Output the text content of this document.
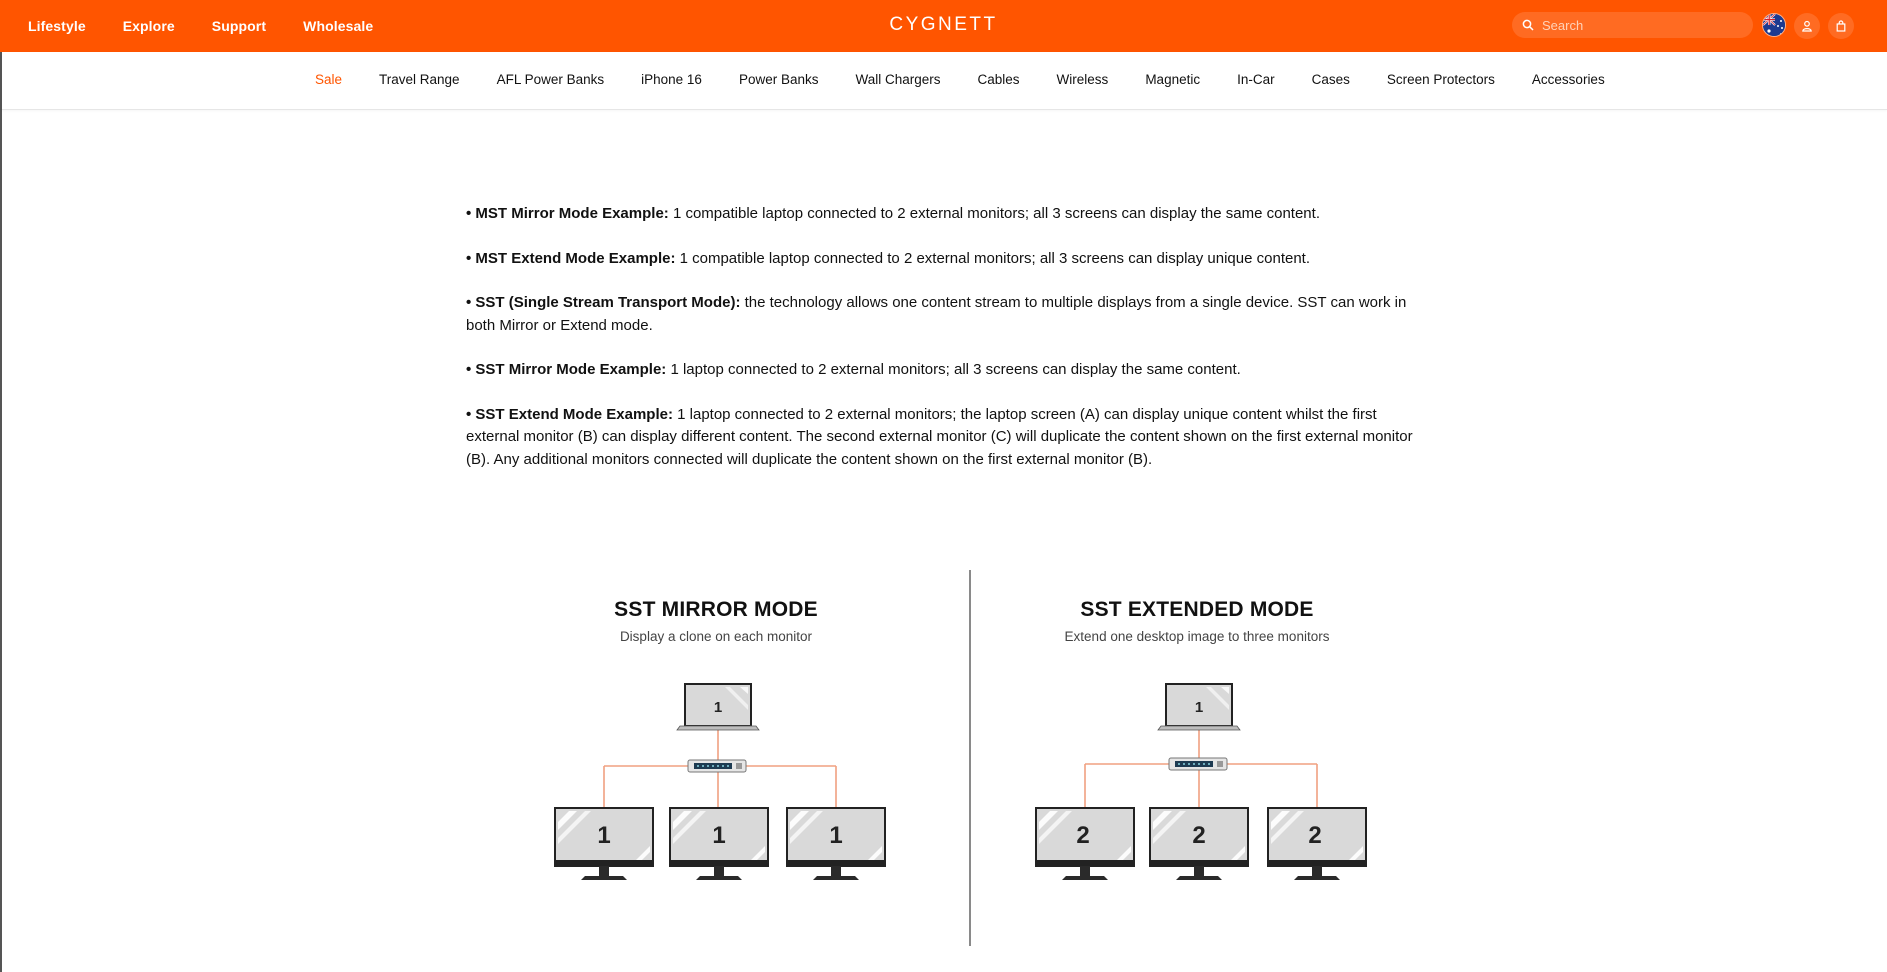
Lifestyle	Explore	Support	Wholesale	CYGNETT
Search
Sale	Travel Range	AFL Power Banks	iPhone 16	Power Banks	Wall Chargers	Cables	Wireless	Magnetic	In-Car	Cases	Screen Protectors	Accessories

• MST Mirror Mode Example: 1 compatible laptop connected to 2 external monitors; all 3 screens can display the same content.

• MST Extend Mode Example: 1 compatible laptop connected to 2 external monitors; all 3 screens can display unique content.

• SST (Single Stream Transport Mode): the technology allows one content stream to multiple displays from a single device. SST can work in both Mirror or Extend mode.

• SST Mirror Mode Example: 1 laptop connected to 2 external monitors; all 3 screens can display the same content.

• SST Extend Mode Example: 1 laptop connected to 2 external monitors; the laptop screen (A) can display unique content whilst the first external monitor (B) can display different content. The second external monitor (C) will duplicate the content shown on the first external monitor (B). Any additional monitors connected will duplicate the content shown on the first external monitor (B).

SST MIRROR MODE
Display a clone on each monitor
SST EXTENDED MODE
Extend one desktop image to three monitors
1
1	1	1
1
2	2	2
